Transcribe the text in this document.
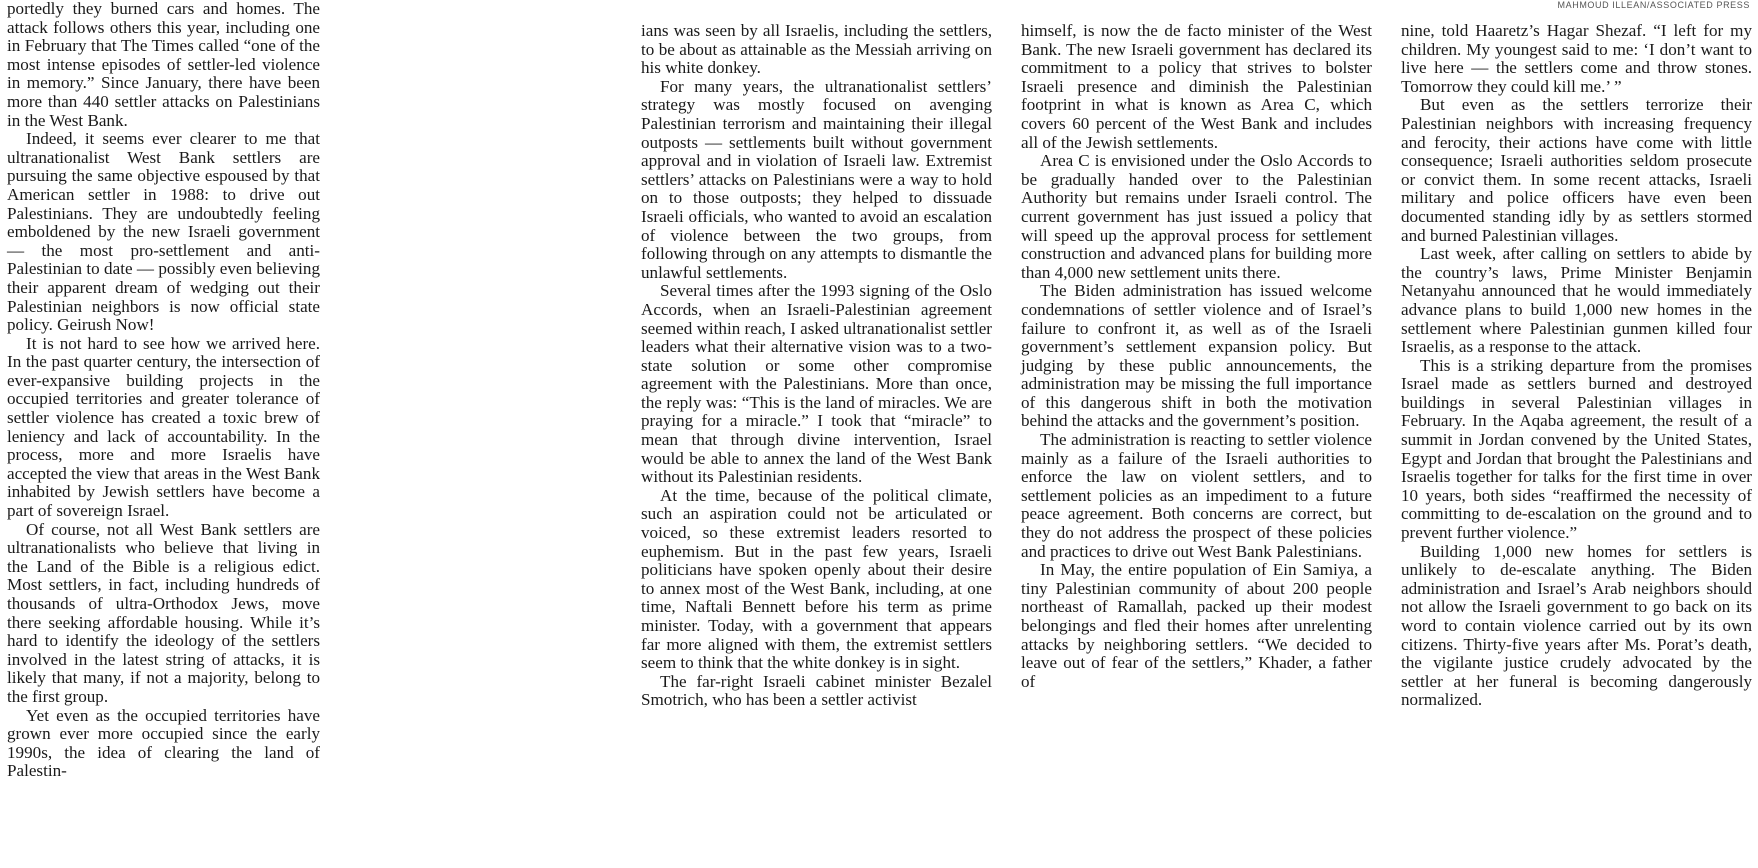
MAHMOUD ILLEAN/ASSOCIATED PRESS

portedly they burned cars and homes. The attack follows others this year, including one in February that The Times called “one of the most intense episodes of settler-led violence in memory.” Since January, there have been more than 440 settler attacks on Palestinians in the West Bank.

Indeed, it seems ever clearer to me that ultranationalist West Bank settlers are pursuing the same objective espoused by that American settler in 1988: to drive out Palestinians. They are undoubtedly feeling emboldened by the new Israeli government — the most pro-settlement and anti-Palestinian to date — possibly even believing their apparent dream of wedging out their Palestinian neighbors is now official state policy. Geirush Now!

It is not hard to see how we arrived here. In the past quarter century, the intersection of ever-expansive building projects in the occupied territories and greater tolerance of settler violence has created a toxic brew of leniency and lack of accountability. In the process, more and more Israelis have accepted the view that areas in the West Bank inhabited by Jewish settlers have become a part of sovereign Israel.

Of course, not all West Bank settlers are ultranationalists who believe that living in the Land of the Bible is a religious edict. Most settlers, in fact, including hundreds of thousands of ultra-Orthodox Jews, move there seeking affordable housing. While it’s hard to identify the ideology of the settlers involved in the latest string of attacks, it is likely that many, if not a majority, belong to the first group.

Yet even as the occupied territories have grown ever more occupied since the early 1990s, the idea of clearing the land of Palestin-

ians was seen by all Israelis, including the settlers, to be about as attainable as the Messiah arriving on his white donkey.

For many years, the ultranationalist settlers’ strategy was mostly focused on avenging Palestinian terrorism and maintaining their illegal outposts — settlements built without government approval and in violation of Israeli law. Extremist settlers’ attacks on Palestinians were a way to hold on to those outposts; they helped to dissuade Israeli officials, who wanted to avoid an escalation of violence between the two groups, from following through on any attempts to dismantle the unlawful settlements.

Several times after the 1993 signing of the Oslo Accords, when an Israeli-Palestinian agreement seemed within reach, I asked ultranationalist settler leaders what their alternative vision was to a two-state solution or some other compromise agreement with the Palestinians. More than once, the reply was: “This is the land of miracles. We are praying for a miracle.” I took that “miracle” to mean that through divine intervention, Israel would be able to annex the land of the West Bank without its Palestinian residents.

At the time, because of the political climate, such an aspiration could not be articulated or voiced, so these extremist leaders resorted to euphemism. But in the past few years, Israeli politicians have spoken openly about their desire to annex most of the West Bank, including, at one time, Naftali Bennett before his term as prime minister. Today, with a government that appears far more aligned with them, the extremist settlers seem to think that the white donkey is in sight.

The far-right Israeli cabinet minister Bezalel Smotrich, who has been a settler activist

himself, is now the de facto minister of the West Bank. The new Israeli government has declared its commitment to a policy that strives to bolster Israeli presence and diminish the Palestinian footprint in what is known as Area C, which covers 60 percent of the West Bank and includes all of the Jewish settlements.

Area C is envisioned under the Oslo Accords to be gradually handed over to the Palestinian Authority but remains under Israeli control. The current government has just issued a policy that will speed up the approval process for settlement construction and advanced plans for building more than 4,000 new settlement units there.

The Biden administration has issued welcome condemnations of settler violence and of Israel’s failure to confront it, as well as of the Israeli government’s settlement expansion policy. But judging by these public announcements, the administration may be missing the full importance of this dangerous shift in both the motivation behind the attacks and the government’s position.

The administration is reacting to settler violence mainly as a failure of the Israeli authorities to enforce the law on violent settlers, and to settlement policies as an impediment to a future peace agreement. Both concerns are correct, but they do not address the prospect of these policies and practices to drive out West Bank Palestinians.

In May, the entire population of Ein Samiya, a tiny Palestinian community of about 200 people northeast of Ramallah, packed up their modest belongings and fled their homes after unrelenting attacks by neighboring settlers. “We decided to leave out of fear of the settlers,” Khader, a father of

nine, told Haaretz’s Hagar Shezaf. “I left for my children. My youngest said to me: ‘I don’t want to live here — the settlers come and throw stones. Tomorrow they could kill me.’ ”

But even as the settlers terrorize their Palestinian neighbors with increasing frequency and ferocity, their actions have come with little consequence; Israeli authorities seldom prosecute or convict them. In some recent attacks, Israeli military and police officers have even been documented standing idly by as settlers stormed and burned Palestinian villages.

Last week, after calling on settlers to abide by the country’s laws, Prime Minister Benjamin Netanyahu announced that he would immediately advance plans to build 1,000 new homes in the settlement where Palestinian gunmen killed four Israelis, as a response to the attack.

This is a striking departure from the promises Israel made as settlers burned and destroyed buildings in several Palestinian villages in February. In the Aqaba agreement, the result of a summit in Jordan convened by the United States, Egypt and Jordan that brought the Palestinians and Israelis together for talks for the first time in over 10 years, both sides “reaffirmed the necessity of committing to de-escalation on the ground and to prevent further violence.”

Building 1,000 new homes for settlers is unlikely to de-escalate anything. The Biden administration and Israel’s Arab neighbors should not allow the Israeli government to go back on its word to contain violence carried out by its own citizens. Thirty-five years after Ms. Porat’s death, the vigilante justice crudely advocated by the settler at her funeral is becoming dangerously normalized.
